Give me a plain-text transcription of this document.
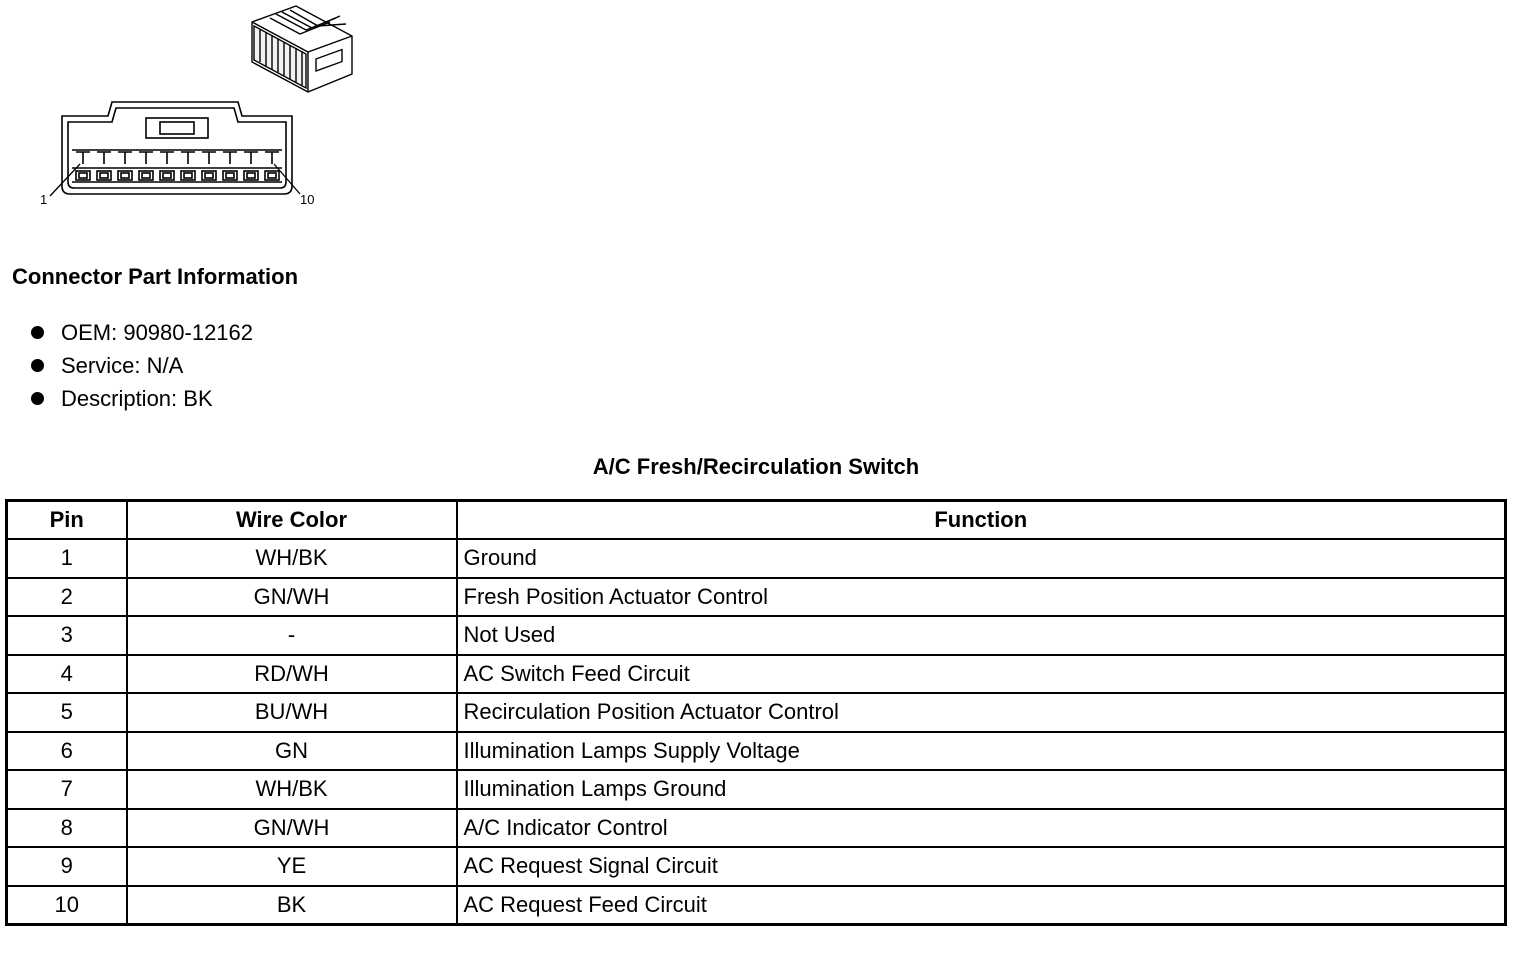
1	10
Connector Part Information
OEM: 90980-12162
Service: N/A
Description: BK
A/C Fresh/Recirculation Switch
Pin	Wire Color	Function
1	WH/BK	Ground
2	GN/WH	Fresh Position Actuator Control
3	-	Not Used
4	RD/WH	AC Switch Feed Circuit
5	BU/WH	Recirculation Position Actuator Control
6	GN	Illumination Lamps Supply Voltage
7	WH/BK	Illumination Lamps Ground
8	GN/WH	A/C Indicator Control
9	YE	AC Request Signal Circuit
10	BK	AC Request Feed Circuit
